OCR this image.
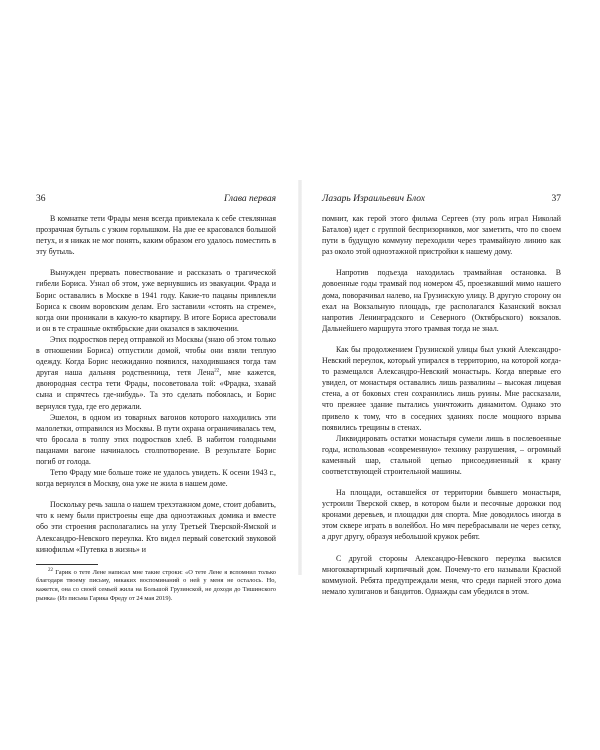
36	Глава первая

В комнатке тети Фрады меня всегда привлекала к себе стеклянная прозрачная бутыль с узким горлышком. На дне ее красовался большой петух, и я никак не мог понять, каким образом его удалось поместить в эту бутыль.

Вынужден прервать повествование и рассказать о трагической гибели Бориса. Узнал об этом, уже вернувшись из эвакуации. Фрада и Борис оставались в Москве в 1941 году. Какие-то пацаны привлекли Бориса к своим воровским делам. Его заставили «стоять на стреме», когда они проникали в какую-то квартиру. В итоге Бориса арестовали и он в те страшные октябрьские дни оказался в заключении.

Этих подростков перед отправкой из Москвы (знаю об этом только в отношении Бориса) отпустили домой, чтобы они взяли теплую одежду. Когда Борис неожиданно появился, находившаяся тогда там другая наша дальняя родственница, тетя Лена$^{22}$, мне кажется, двоюродная сестра тети Фрады, посоветовала той: «Фрадка, зхавай сына и спрячтесь где-нибудь». Та это сделать побоялась, и Борис вернулся туда, где его держали.

Эшелон, в одном из товарных вагонов которого находились эти малолетки, отправился из Москвы. В пути охрана ограничивалась тем, что бросала в толпу этих подростков хлеб. В набитом голодными пацанами вагоне начиналось столпотворение. В результате Борис погиб от голода.

Тетю Фраду мне больше тоже не удалось увидеть. К осени 1943 г., когда вернулся в Москву, она уже не жила в нашем доме.

Поскольку речь зашла о нашем трехэтажном доме, стоит добавить, что к нему были пристроены еще два одноэтажных домика и вместе обо эти строения располагались на углу Третьей Тверской-Ямской и Александро-Невского переулка. Кто видел первый советский звуковой кинофильм «Путевка в жизнь» и

$^{22}$ Гарик о тете Лене написал мне такие строки: «О тете Лене я вспомнил только благодаря твоему письму, никаких воспоминаний о ней у меня не осталось. Но, кажется, она со своей семьей жила на Большой Грузинской, не доходя до Тишинского рынка» (Из письма Гарика Фреду от 24 мая 2019).

Лазарь Израильевич Блох	37

помнит, как герой этого фильма Сергеев (эту роль играл Николай Баталов) идет с группой беспризорников, мог заметить, что по своем пути в будущую коммуну переходили через трамвайную линию как раз около этой одноэтажной пристройки к нашему дому.

Напротив подъезда находилась трамвайная остановка. В довоенные годы трамвай под номером 45, проезжавший мимо нашего дома, поворачивал налево, на Грузинскую улицу. В другую сторону он ехал на Вокзальную площадь, где располагался Казанский вокзал напротив Ленинградского и Северного (Октябрьского) вокзалов. Дальнейшего маршрута этого трамвая тогда не знал.

Как бы продолжением Грузинской улицы был узкий Александро-Невский переулок, который упирался в территорию, на которой когда-то размещался Александро-Невский монастырь. Когда впервые его увидел, от монастыря оставались лишь развалины – высокая лицевая стена, а от боковых стен сохранились лишь руины. Мне рассказали, что прежнее здание пытались уничтожить динамитом. Однако это привело к тому, что в соседних зданиях после мощного взрыва появились трещины в стенах.

Ликвидировать остатки монастыря сумели лишь в послевоенные годы, использовав «современную» технику разрушения, – огромный каменный шар, стальной цепью присоединенный к крану соответствующей строительной машины.

На площади, оставшейся от территории бывшего монастыря, устроили Тверской сквер, в котором были и песочные дорожки под кронами деревьев, и площадки для спорта. Мне доводилось иногда в этом сквере играть в волейбол. Но мяч перебрасывали не через сетку, а друг другу, образуя небольшой кружок ребят.

С другой стороны Александро-Невского переулка высился многоквартирный кирпичный дом. Почему-то его называли Красной коммуной. Ребята предупреждали меня, что среди парней этого дома немало хулиганов и бандитов. Однажды сам убедился в этом.
